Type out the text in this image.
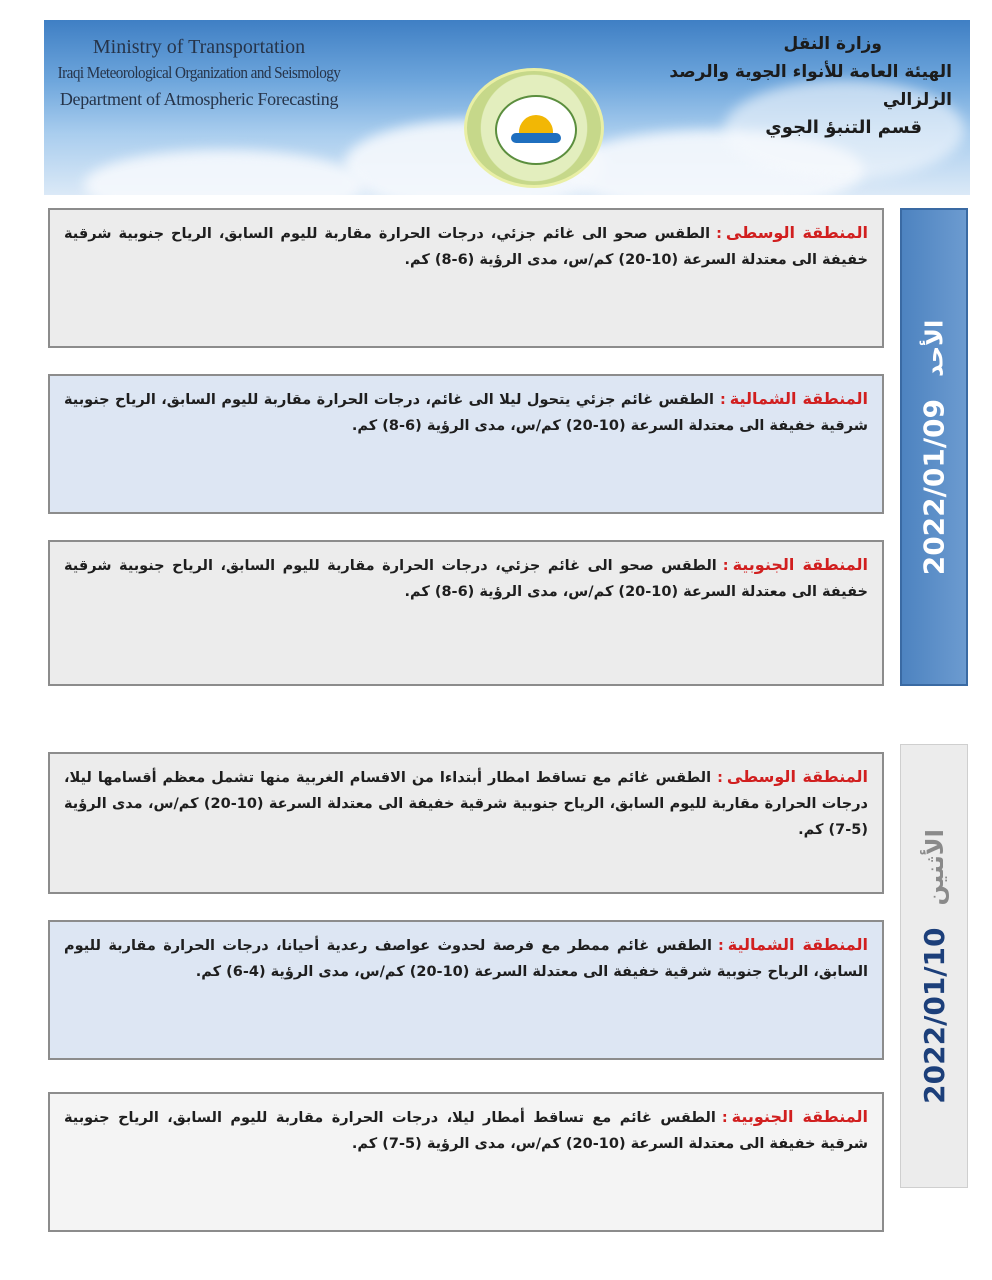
Ministry of Transportation
Iraqi Meteorological Organization and Seismology
Department of Atmospheric Forecasting
وزارة النقل
الهيئة العامة للأنواء الجوية والرصد الزلزالي
قسم التنبؤ الجوي
2022/01/09
الأحد
المنطقة الوسطى:الطقس صحو الى غائم جزئي، درجات الحرارة مقاربة لليوم السابق، الرياح جنوبية شرقية خفيفة الى معتدلة السرعة (10-20) كم/س، مدى الرؤية (6-8) كم.
المنطقة الشمالية:الطقس غائم جزئي يتحول ليلا الى غائم، درجات الحرارة مقاربة لليوم السابق، الرياح جنوبية شرقية خفيفة الى معتدلة السرعة (10-20) كم/س، مدى الرؤية (6-8) كم.
المنطقة الجنوبية:الطقس صحو الى غائم جزئي، درجات الحرارة مقاربة لليوم السابق، الرياح جنوبية شرقية خفيفة الى معتدلة السرعة (10-20) كم/س، مدى الرؤية (6-8) كم.
2022/01/10
الأثنين
المنطقة الوسطى:الطقس غائم مع تساقط امطار أبتداءا من الاقسام الغربية منها تشمل معظم أقسامها ليلا، درجات الحرارة مقاربة لليوم السابق، الرياح جنوبية شرقية خفيفة الى معتدلة السرعة (10-20) كم/س، مدى الرؤية (5-7) كم.
المنطقة الشمالية:الطقس غائم ممطر مع فرصة لحدوث عواصف رعدية أحيانا، درجات الحرارة مقاربة لليوم السابق، الرياح جنوبية شرقية خفيفة الى معتدلة السرعة (10-20) كم/س، مدى الرؤية (4-6) كم.
المنطقة الجنوبية:الطقس غائم مع تساقط أمطار ليلا، درجات الحرارة مقاربة لليوم السابق، الرياح جنوبية شرقية خفيفة الى معتدلة السرعة (10-20) كم/س، مدى الرؤية (5-7) كم.
